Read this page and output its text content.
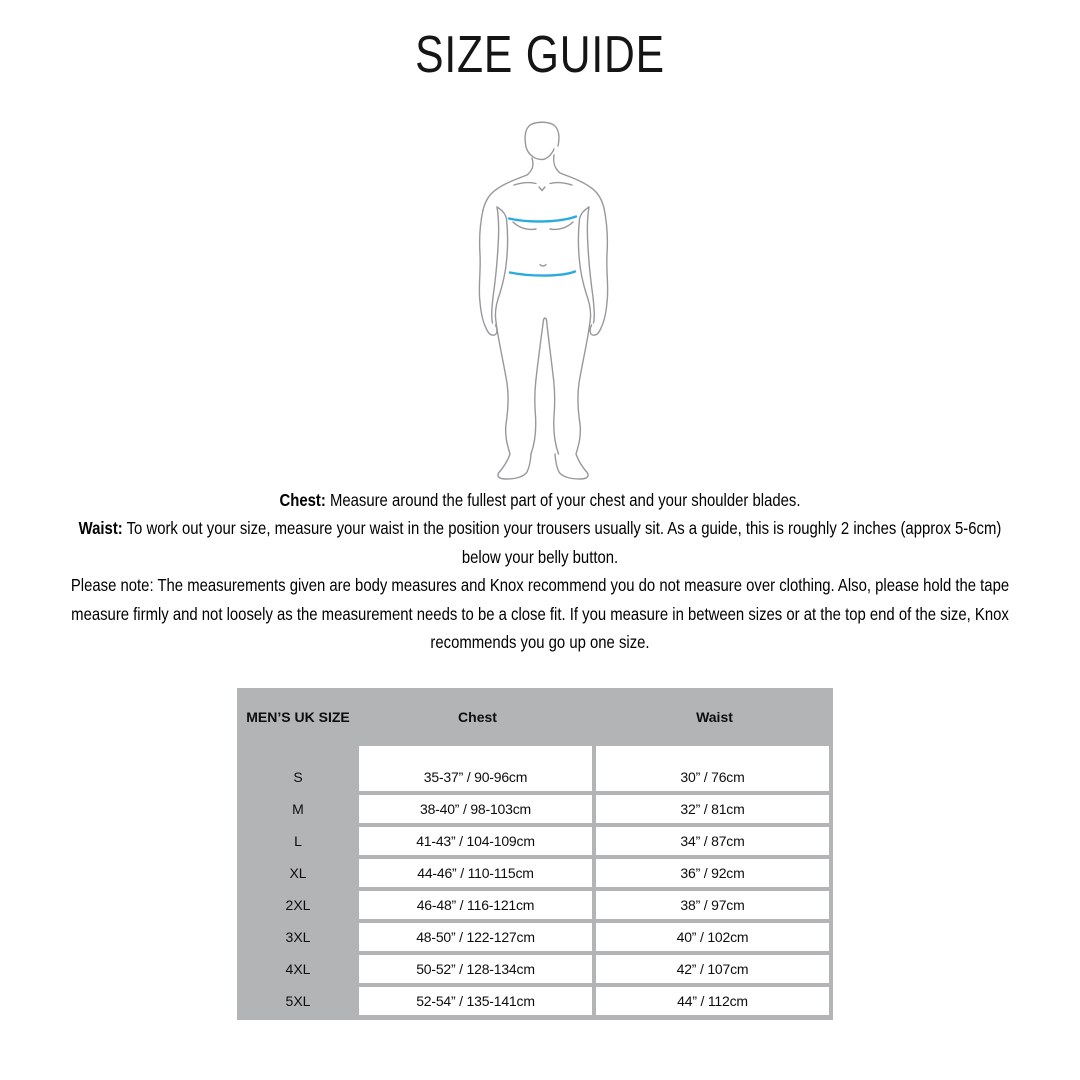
SIZE GUIDE
Chest: Measure around the fullest part of your chest and your shoulder blades.
Waist: To work out your size, measure your waist in the position your trousers usually sit. As a guide, this is roughly 2 inches (approx 5-6cm)
below your belly button.
Please note: The measurements given are body measures and Knox recommend you do not measure over clothing. Also, please hold the tape
measure firmly and not loosely as the measurement needs to be a close fit. If you measure in between sizes or at the top end of the size, Knox
recommends you go up one size.
MEN’S UK SIZE	Chest	Waist
S	35-37” / 90-96cm	30” / 76cm
M	38-40” / 98-103cm	32” / 81cm
L	41-43” / 104-109cm	34” / 87cm
XL	44-46” / 110-115cm	36” / 92cm
2XL	46-48” / 116-121cm	38” / 97cm
3XL	48-50” / 122-127cm	40” / 102cm
4XL	50-52” / 128-134cm	42” / 107cm
5XL	52-54” / 135-141cm	44” / 112cm
